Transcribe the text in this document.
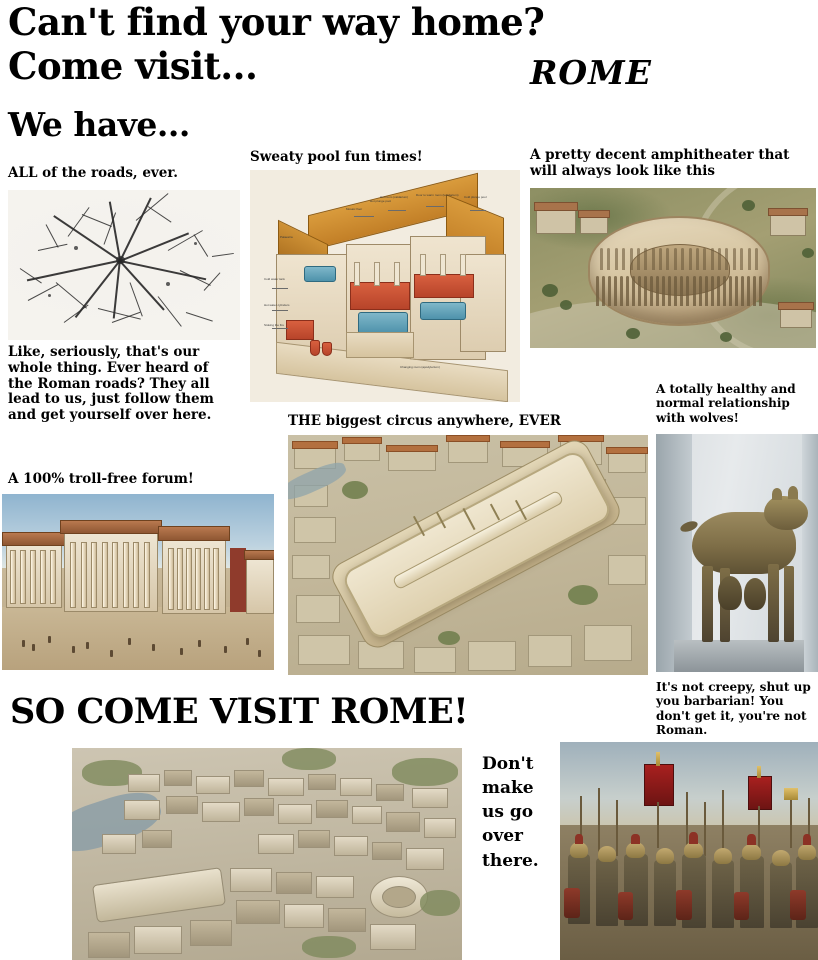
Can't find your way home?
Come visit...	ROME
We have...
ALL of the roads, ever.
Like, seriously, that's our whole thing. Ever heard of the Roman roads? They all lead to us, just follow them and get yourself over here.
Sweaty pool fun times!
Mosaic floor
Hot room (caldarium)	Door to warm room (tepidarium) Cold plunge pool
Cold water tank
Hot water cylinders
Stoking the fire
Palaestra
Changing room (apodyterium)
Hot plunge pool
A pretty decent amphitheater that will always look like this
A totally healthy and normal relationship with wolves!
THE biggest circus anywhere, EVER
A 100% troll-free forum!
It's not creepy, shut up you barbarian! You don't get it, you're not Roman.
SO COME VISIT ROME!
Don't make us go over there.
